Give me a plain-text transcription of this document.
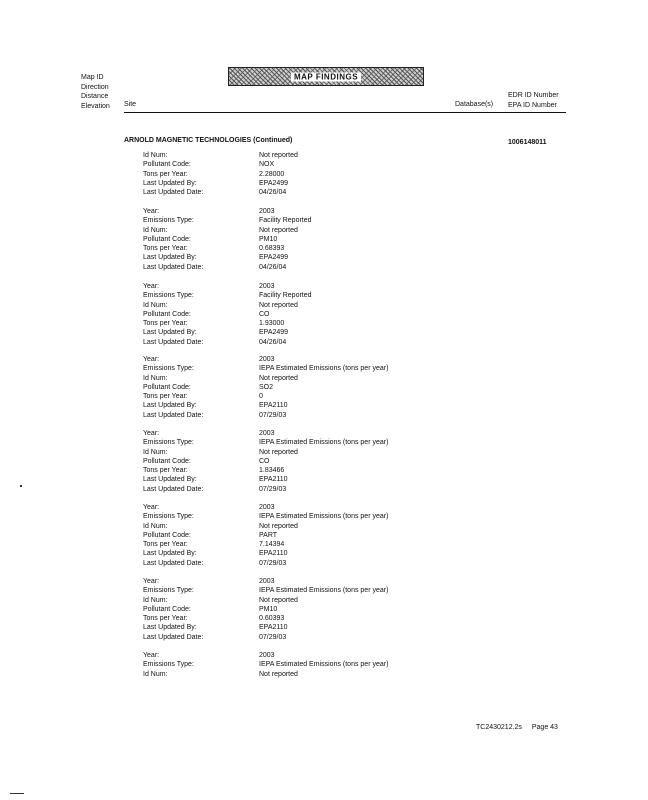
Map ID
Direction
Distance
Elevation
MAP FINDINGS
Site	Database(s)
EDR ID Number
EPA ID Number
ARNOLD MAGNETIC TECHNOLOGIES (Continued)	1006148011
Id Num:	Not reported
Pollutant Code:	NOX
Tons per Year:	2.28000
Last Updated By:	EPA2499
Last Updated Date:	04/26/04
Year:	2003
Emissions Type:	Facility Reported
Id Num:	Not reported
Pollutant Code:	PM10
Tons per Year:	0.68393
Last Updated By:	EPA2499
Last Updated Date:	04/26/04
Year:	2003
Emissions Type:	Facility Reported
Id Num:	Not reported
Pollutant Code:	CO
Tons per Year:	1.93000
Last Updated By:	EPA2499
Last Updated Date:	04/26/04
Year:	2003
Emissions Type:	IEPA Estimated Emissions (tons per year)
Id Num:	Not reported
Pollutant Code:	SO2
Tons per Year:	0
Last Updated By:	EPA2110
Last Updated Date:	07/29/03
Year:	2003
Emissions Type:	IEPA Estimated Emissions (tons per year)
Id Num:	Not reported
Pollutant Code:	CO
Tons per Year:	1.83466
Last Updated By:	EPA2110
Last Updated Date:	07/29/03
Year:	2003
Emissions Type:	IEPA Estimated Emissions (tons per year)
Id Num:	Not reported
Pollutant Code:	PART
Tons per Year:	7.14394
Last Updated By:	EPA2110
Last Updated Date:	07/29/03
Year:	2003
Emissions Type:	IEPA Estimated Emissions (tons per year)
Id Num:	Not reported
Pollutant Code:	PM10
Tons per Year:	0.60393
Last Updated By:	EPA2110
Last Updated Date:	07/29/03
Year:	2003
Emissions Type:	IEPA Estimated Emissions (tons per year)
Id Num:	Not reported
TC2430212.2s Page 43
